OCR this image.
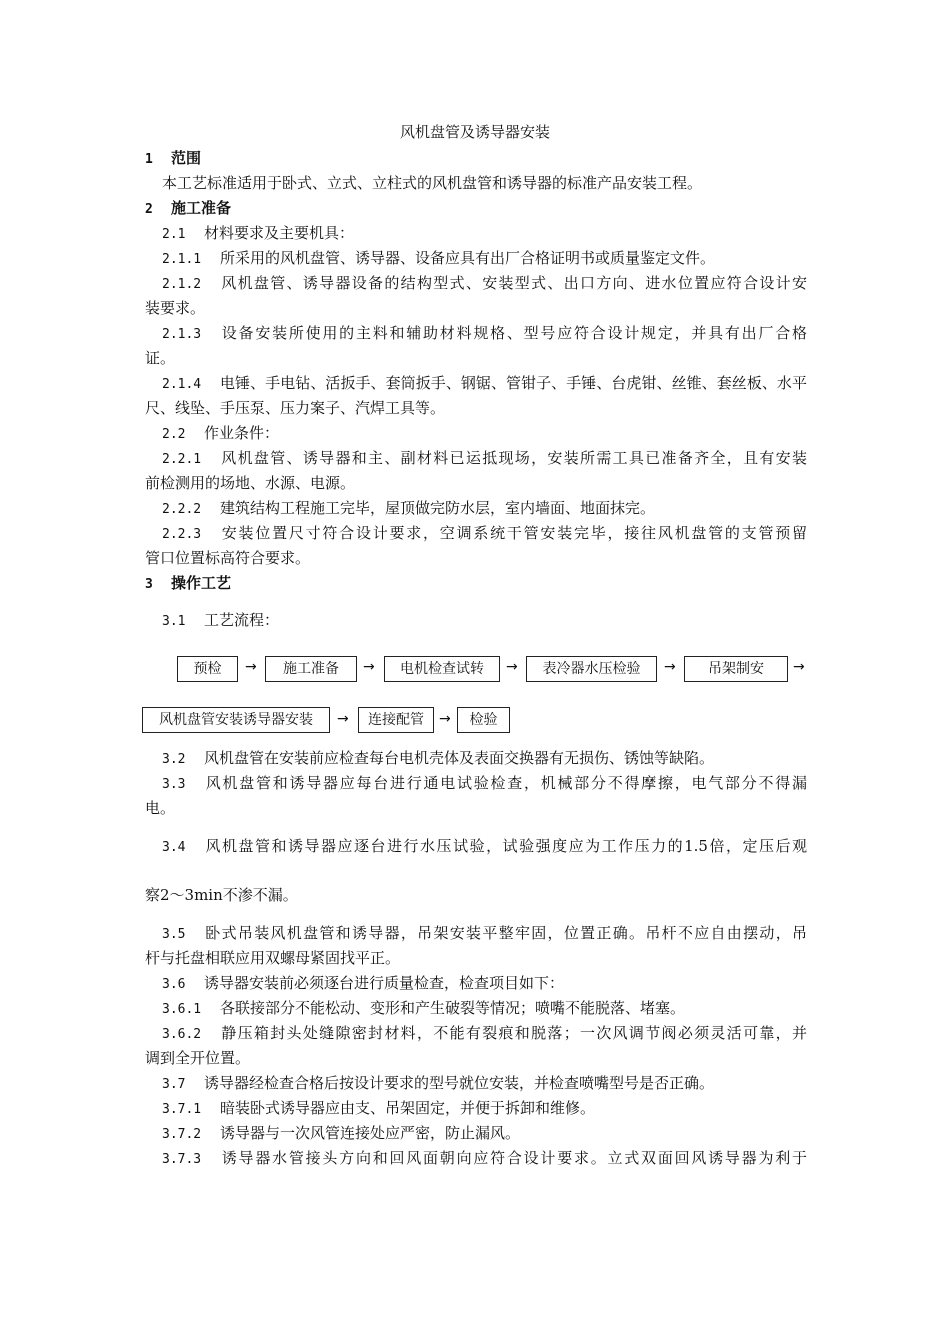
风机盘管及诱导器安装
1 范围
本工艺标准适用于卧式、立式、立柱式的风机盘管和诱导器的标准产品安装工程。
2 施工准备
2.1 材料要求及主要机具：
2.1.1 所采用的风机盘管、诱导器、设备应具有出厂合格证明书或质量鉴定文件。
2.1.2 风机盘管、诱导器设备的结构型式、安装型式、出口方向、进水位置应符合设计安
装要求。
2.1.3 设备安装所使用的主料和辅助材料规格、型号应符合设计规定，并具有出厂合格
证。
2.1.4 电锤、手电钻、活扳手、套筒扳手、钢锯、管钳子、手锤、台虎钳、丝锥、套丝板、水平
尺、线坠、手压泵、压力案子、汽焊工具等。
2.2 作业条件：
2.2.1 风机盘管、诱导器和主、副材料已运抵现场，安装所需工具已准备齐全，且有安装
前检测用的场地、水源、电源。
2.2.2 建筑结构工程施工完毕，屋顶做完防水层，室内墙面、地面抹完。
2.2.3 安装位置尺寸符合设计要求，空调系统干管安装完毕，接往风机盘管的支管预留
管口位置标高符合要求。
3 操作工艺
3.1 工艺流程：
预检	→	施工准备	→	电机检查试转	→	表冷器水压检验	→	吊架制安	→
风机盘管安装诱导器安装	→	连接配管	→	检验
3.2 风机盘管在安装前应检查每台电机壳体及表面交换器有无损伤、锈蚀等缺陷。
3.3 风机盘管和诱导器应每台进行通电试验检查，机械部分不得摩擦，电气部分不得漏
电。
3.4 风机盘管和诱导器应逐台进行水压试验，试验强度应为工作压力的1.5倍，定压后观
察2～3min不渗不漏。
3.5 卧式吊装风机盘管和诱导器，吊架安装平整牢固，位置正确。吊杆不应自由摆动，吊
杆与托盘相联应用双螺母紧固找平正。
3.6 诱导器安装前必须逐台进行质量检查，检查项目如下：
3.6.1 各联接部分不能松动、变形和产生破裂等情况；喷嘴不能脱落、堵塞。
3.6.2 静压箱封头处缝隙密封材料，不能有裂痕和脱落；一次风调节阀必须灵活可靠，并
调到全开位置。
3.7 诱导器经检查合格后按设计要求的型号就位安装，并检查喷嘴型号是否正确。
3.7.1 暗装卧式诱导器应由支、吊架固定，并便于拆卸和维修。
3.7.2 诱导器与一次风管连接处应严密，防止漏风。
3.7.3 诱导器水管接头方向和回风面朝向应符合设计要求。立式双面回风诱导器为利于
